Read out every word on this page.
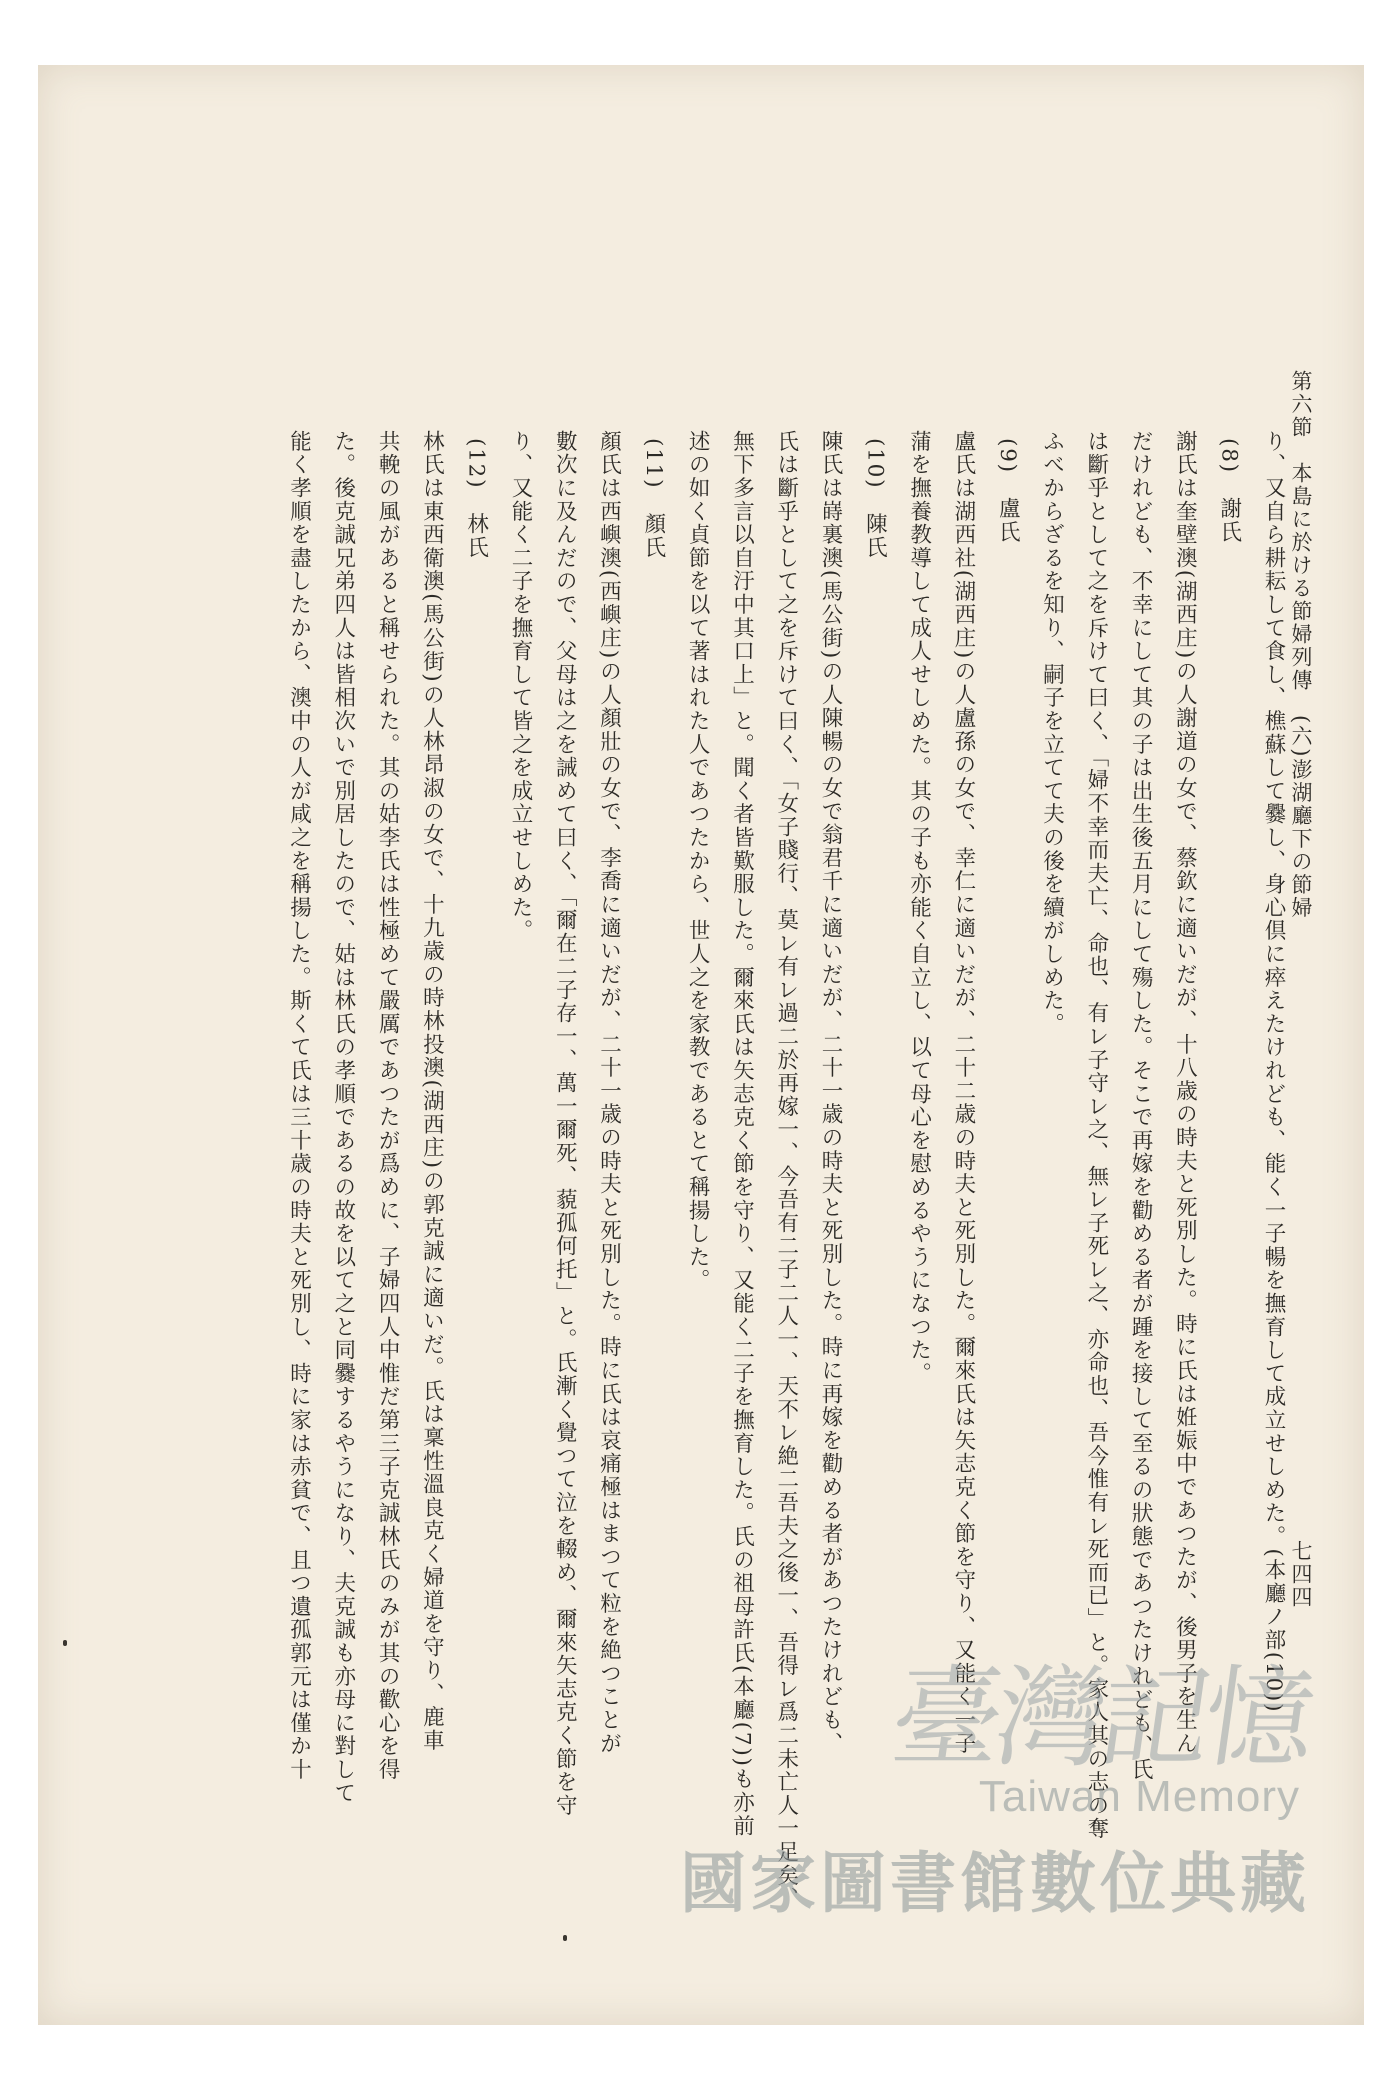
第六節　本島に於ける節婦列傳　(六)澎湖廳下の節婦
七四四
り、又自ら耕耘して食し、樵蘇して爨し、身心倶に瘁えたけれども、能く一子暢を撫育して成立せしめた。(本廳ノ部(10))
(8)　謝氏
謝氏は奎壁澳(湖西庄)の人謝道の女で、蔡欽に適いだが、十八歳の時夫と死別した。時に氏は姙娠中であつたが、後男子を生ん
だけれども、不幸にして其の子は出生後五月にして殤した。そこで再嫁を勸める者が踵を接して至るの狀態であつたけれども、氏
は斷乎として之を斥けて曰く、「婦不幸而夫亡、命也、有レ子守レ之、無レ子死レ之、亦命也、吾今惟有レ死而已」と。家人其の志の奪
ふべからざるを知り、嗣子を立てて夫の後を續がしめた。
(9)　盧氏
盧氏は湖西社(湖西庄)の人盧孫の女で、幸仁に適いだが、二十二歳の時夫と死別した。爾來氏は矢志克く節を守り、又能く一子
蒲を撫養教導して成人せしめた。其の子も亦能く自立し、以て母心を慰めるやうになつた。
(10)　陳氏
陳氏は嵵裏澳(馬公街)の人陳暢の女で翁君千に適いだが、二十一歳の時夫と死別した。時に再嫁を勸める者があつたけれども、
氏は斷乎として之を斥けて曰く、「女子賤行、莫レ有レ過二於再嫁一、今吾有二子二人一、天不レ絶二吾夫之後一、吾得レ爲二未亡人一足矣、
無下多言以自汙中其口上」と。聞く者皆歎服した。爾來氏は矢志克く節を守り、又能く二子を撫育した。氏の祖母許氏(本廳(7))も亦前
述の如く貞節を以て著はれた人であつたから、世人之を家教であるとて稱揚した。
(11)　顏氏
顏氏は西嶼澳(西嶼庄)の人顏壯の女で、李喬に適いだが、二十一歳の時夫と死別した。時に氏は哀痛極はまつて粒を絶つことが
數次に及んだので、父母は之を誡めて曰く、「爾在二子存一、萬一爾死、藐孤何托」と。氏漸く覺つて泣を輟め、爾來矢志克く節を守
り、又能く二子を撫育して皆之を成立せしめた。
(12)　林氏
林氏は東西衛澳(馬公街)の人林昂淑の女で、十九歳の時林投澳(湖西庄)の郭克誠に適いだ。氏は稟性溫良克く婦道を守り、鹿車
共輓の風があると稱せられた。其の姑李氏は性極めて嚴厲であつたが爲めに、子婦四人中惟だ第三子克誠林氏のみが其の歡心を得
た。後克誠兄弟四人は皆相次いで別居したので、姑は林氏の孝順であるの故を以て之と同爨するやうになり、夫克誠も亦母に對して
能く孝順を盡したから、澳中の人が咸之を稱揚した。斯くて氏は三十歳の時夫と死別し、時に家は赤貧で、且つ遺孤郭元は僅か十	臺灣記憶
Taiwan Memory
國家圖書館數位典藏
